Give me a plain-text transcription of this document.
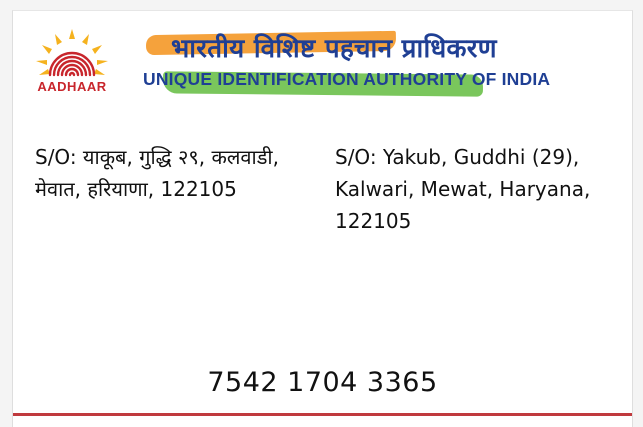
AADHAAR
भारतीय विशिष्ट पहचान प्राधिकरण
UNIQUE IDENTIFICATION AUTHORITY OF INDIA
S/O: याकूब, गुद्धि २९, कलवाडी,
मेवात, हरियाणा, 122105
S/O: Yakub, Guddhi (29),
Kalwari, Mewat, Haryana,
122105
7542 1704 3365
